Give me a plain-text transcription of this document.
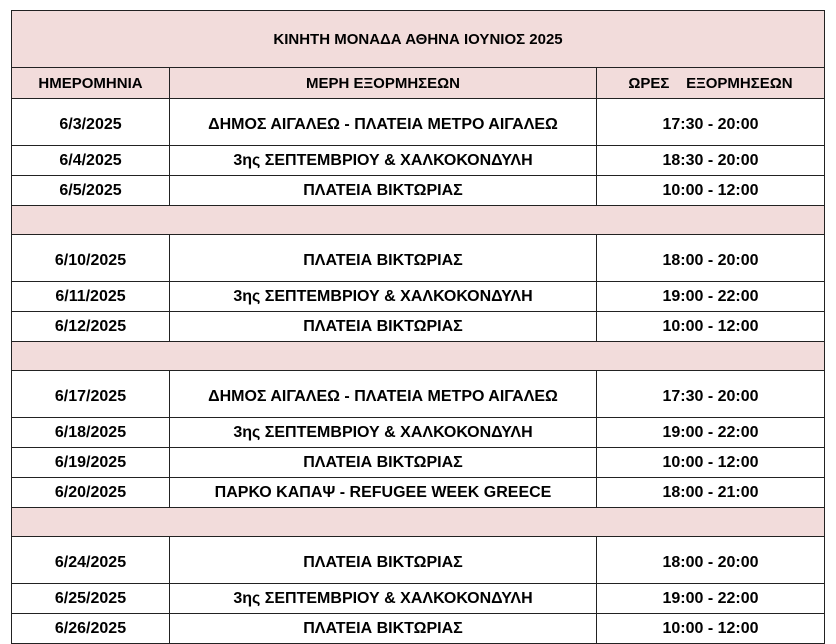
ΚΙΝΗΤΗ ΜΟΝΑΔΑ ΑΘΗΝΑ ΙΟΥΝΙΟΣ 2025		
ΗΜΕΡΟΜΗΝΙΑ	ΜΕΡΗ ΕΞΟΡΜΗΣΕΩΝ	ΩΡΕΣ    ΕΞΟΡΜΗΣΕΩΝ
6/3/2025	ΔΗΜΟΣ ΑΙΓΑΛΕΩ - ΠΛΑΤΕΙΑ ΜΕΤΡΟ ΑΙΓΑΛΕΩ	17:30 - 20:00
6/4/2025	3ης ΣΕΠΤΕΜΒΡΙΟΥ & ΧΑΛΚΟΚΟΝΔΥΛΗ	18:30 - 20:00
6/5/2025	ΠΛΑΤΕΙΑ ΒΙΚΤΩΡΙΑΣ	10:00 - 12:00

6/10/2025	ΠΛΑΤΕΙΑ ΒΙΚΤΩΡΙΑΣ	18:00 - 20:00
6/11/2025	3ης ΣΕΠΤΕΜΒΡΙΟΥ & ΧΑΛΚΟΚΟΝΔΥΛΗ	19:00 - 22:00
6/12/2025	ΠΛΑΤΕΙΑ ΒΙΚΤΩΡΙΑΣ	10:00 - 12:00

6/17/2025	ΔΗΜΟΣ ΑΙΓΑΛΕΩ - ΠΛΑΤΕΙΑ ΜΕΤΡΟ ΑΙΓΑΛΕΩ	17:30 - 20:00
6/18/2025	3ης ΣΕΠΤΕΜΒΡΙΟΥ & ΧΑΛΚΟΚΟΝΔΥΛΗ	19:00 - 22:00
6/19/2025	ΠΛΑΤΕΙΑ ΒΙΚΤΩΡΙΑΣ	10:00 - 12:00
6/20/2025	ΠΑΡΚΟ ΚΑΠΑΨ - REFUGEE WEEK GREECE	18:00 - 21:00

6/24/2025	ΠΛΑΤΕΙΑ ΒΙΚΤΩΡΙΑΣ	18:00 - 20:00
6/25/2025	3ης ΣΕΠΤΕΜΒΡΙΟΥ & ΧΑΛΚΟΚΟΝΔΥΛΗ	19:00 - 22:00
6/26/2025	ΠΛΑΤΕΙΑ ΒΙΚΤΩΡΙΑΣ	10:00 - 12:00
